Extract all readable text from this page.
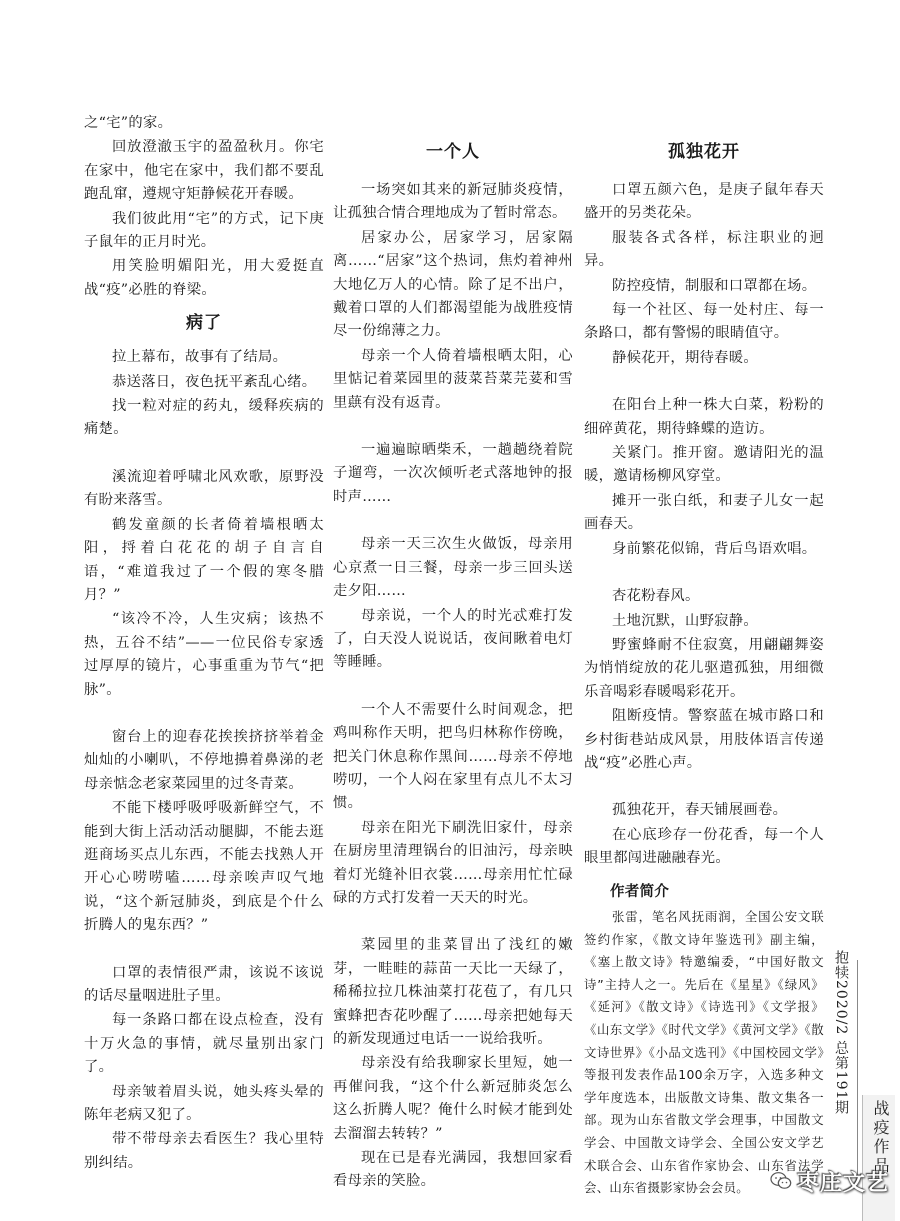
之“宅”的家。

回放澄澈玉宇的盈盈秋月。你宅在家中，他宅在家中，我们都不要乱跑乱窜，遵规守矩静候花开春暖。

我们彼此用“宅”的方式，记下庚子鼠年的正月时光。

用笑脸明媚阳光，用大爱挺直战“疫”必胜的脊梁。

病了

拉上幕布，故事有了结局。

恭送落日，夜色抚平紊乱心绪。

找一粒对症的药丸，缓释疾病的痛楚。

溪流迎着呼啸北风欢歌，原野没有盼来落雪。

鹤发童颜的长者倚着墙根晒太阳，捋着白花花的胡子自言自语，“难道我过了一个假的寒冬腊月？”

“该冷不冷，人生灾病；该热不热，五谷不结”——一位民俗专家透过厚厚的镜片，心事重重为节气“把脉”。

窗台上的迎春花挨挨挤挤举着金灿灿的小喇叭，不停地擤着鼻涕的老母亲惦念老家菜园里的过冬青菜。

不能下楼呼吸呼吸新鲜空气，不能到大街上活动活动腿脚，不能去逛逛商场买点儿东西，不能去找熟人开开心心唠唠嗑……母亲唉声叹气地说，“这个新冠肺炎，到底是个什么折腾人的鬼东西？”

口罩的表情很严肃，该说不该说的话尽量咽进肚子里。

每一条路口都在设点检查，没有十万火急的事情，就尽量别出家门了。

母亲皱着眉头说，她头疼头晕的陈年老病又犯了。

带不带母亲去看医生？我心里特别纠结。

一个人

一场突如其来的新冠肺炎疫情，让孤独合情合理地成为了暂时常态。

居家办公，居家学习，居家隔离……“居家”这个热词，焦灼着神州大地亿万人的心情。除了足不出户，戴着口罩的人们都渴望能为战胜疫情尽一份绵薄之力。

母亲一个人倚着墙根晒太阳，心里惦记着菜园里的菠菜苔菜芫荽和雪里蕻有没有返青。

一遍遍晾晒柴禾，一趟趟绕着院子遛弯，一次次倾听老式落地钟的报时声……

母亲一天三次生火做饭，母亲用心京煮一日三餐，母亲一步三回头送走夕阳……

母亲说，一个人的时光忒难打发了，白天没人说说话，夜间瞅着电灯等睡睡。

一个人不需要什么时间观念，把鸡叫称作天明，把鸟归林称作傍晚，把关门休息称作黑间……母亲不停地唠叨，一个人闷在家里有点儿不太习惯。

母亲在阳光下刷洗旧家什，母亲在厨房里清理锅台的旧油污，母亲映着灯光缝补旧衣裳……母亲用忙忙碌碌的方式打发着一天天的时光。

菜园里的韭菜冒出了浅红的嫩芽，一畦畦的蒜苗一天比一天绿了，稀稀拉拉几株油菜打花苞了，有几只蜜蜂把杏花吵醒了……母亲把她每天的新发现通过电话一一说给我听。

母亲没有给我聊家长里短，她一再催问我，“这个什么新冠肺炎怎么这么折腾人呢？俺什么时候才能到处去溜溜去转转？”

现在已是春光满园，我想回家看看母亲的笑脸。

孤独花开

口罩五颜六色，是庚子鼠年春天盛开的另类花朵。

服装各式各样，标注职业的迥异。

防控疫情，制服和口罩都在场。

每一个社区、每一处村庄、每一条路口，都有警惕的眼睛值守。

静候花开，期待春暖。

在阳台上种一株大白菜，粉粉的细碎黄花，期待蜂蝶的造访。

关紧门。推开窗。邀请阳光的温暖，邀请杨柳风穿堂。

摊开一张白纸，和妻子儿女一起画春天。

身前繁花似锦，背后鸟语欢唱。

杏花粉春风。

土地沉默，山野寂静。

野蜜蜂耐不住寂寞，用翩翩舞姿为悄悄绽放的花儿驱遣孤独，用细微乐音喝彩春暖喝彩花开。

阻断疫情。警察蓝在城市路口和乡村街巷站成风景，用肢体语言传递战“疫”必胜心声。

孤独花开，春天铺展画卷。

在心底珍存一份花香，每一个人眼里都闯进融融春光。

作者简介

张雷，笔名风抚雨润，全国公安文联签约作家，《散文诗年鉴选刊》副主编，《塞上散文诗》特邀编委，“中国好散文诗”主持人之一。先后在《星星》《绿风》《延河》《散文诗》《诗选刊》《文学报》《山东文学》《时代文学》《黄河文学》《散文诗世界》《小品文选刊》《中国校园文学》等报刊发表作品100余万字，入选多种文学年度选本，出版散文诗集、散文集各一部。现为山东省散文学会理事，中国散文学会、中国散文诗学会、全国公安文学艺术联合会、山东省作家协会、山东省法学会、山东省摄影家协会会员。

抱犊2020/2 总第191期
战疫作品
枣庄文艺
